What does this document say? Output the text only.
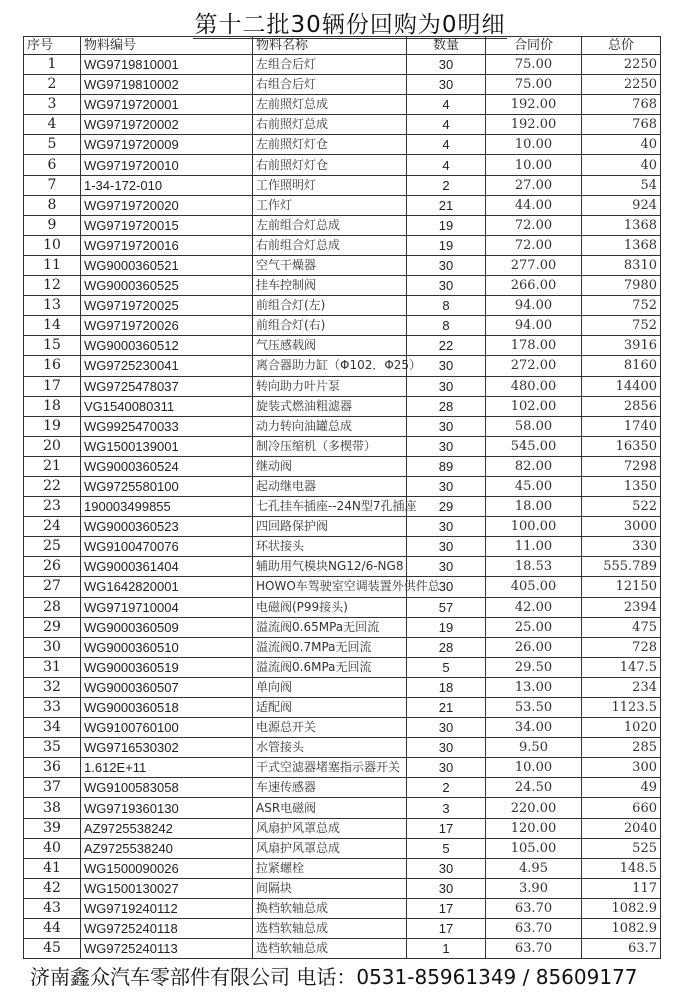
第十二批30辆份回购为0明细
序号	物料编号	物料名称	数量	合同价	总价
1	WG9719810001	左组合后灯	30	75.00	2250
2	WG9719810002	右组合后灯	30	75.00	2250
3	WG9719720001	左前照灯总成	4	192.00	768
4	WG9719720002	右前照灯总成	4	192.00	768
5	WG9719720009	左前照灯灯仓	4	10.00	40
6	WG9719720010	右前照灯灯仓	4	10.00	40
7	1-34-172-010	工作照明灯	2	27.00	54
8	WG9719720020	工作灯	21	44.00	924
9	WG9719720015	左前组合灯总成	19	72.00	1368
10	WG9719720016	右前组合灯总成	19	72.00	1368
11	WG9000360521	空气干燥器	30	277.00	8310
12	WG9000360525	挂车控制阀	30	266.00	7980
13	WG9719720025	前组合灯(左)	8	94.00	752
14	WG9719720026	前组合灯(右)	8	94.00	752
15	WG9000360512	气压感载阀	22	178.00	3916
16	WG9725230041	离合器助力缸（Φ102．Φ25）	30	272.00	8160
17	WG9725478037	转向助力叶片泵	30	480.00	14400
18	VG1540080311	旋装式燃油粗滤器	28	102.00	2856
19	WG9925470033	动力转向油罐总成	30	58.00	1740
20	WG1500139001	制冷压缩机（多楔带）	30	545.00	16350
21	WG9000360524	继动阀	89	82.00	7298
22	WG9725580100	起动继电器	30	45.00	1350
23	190003499855	七孔挂车插座--24N型7孔插座	29	18.00	522
24	WG9000360523	四回路保护阀	30	100.00	3000
25	WG9100470076	环状接头	30	11.00	330
26	WG9000361404	辅助用气模块NG12/6-NG8	30	18.53	555.789
27	WG1642820001	HOWO车驾驶室空调装置外供件总	30	405.00	12150
28	WG9719710004	电磁阀(P99接头)	57	42.00	2394
29	WG9000360509	溢流阀0.65MPa无回流	19	25.00	475
30	WG9000360510	溢流阀0.7MPa无回流	28	26.00	728
31	WG9000360519	溢流阀0.6MPa无回流	5	29.50	147.5
32	WG9000360507	单向阀	18	13.00	234
33	WG9000360518	适配阀	21	53.50	1123.5
34	WG9100760100	电源总开关	30	34.00	1020
35	WG9716530302	水管接头	30	9.50	285
36	1.612E+11	干式空滤器堵塞指示器开关	30	10.00	300
37	WG9100583058	车速传感器	2	24.50	49
38	WG9719360130	ASR电磁阀	3	220.00	660
39	AZ9725538242	风扇护风罩总成	17	120.00	2040
40	AZ9725538240	风扇护风罩总成	5	105.00	525
41	WG1500090026	拉紧螺栓	30	4.95	148.5
42	WG1500130027	间隔块	30	3.90	117
43	WG9719240112	换档软轴总成	17	63.70	1082.9
44	WG9725240118	选档软轴总成	17	63.70	1082.9
45	WG9725240113	选档软轴总成	1	63.70	63.7
济南鑫众汽车零部件有限公司 电话：0531-85961349 / 85609177
